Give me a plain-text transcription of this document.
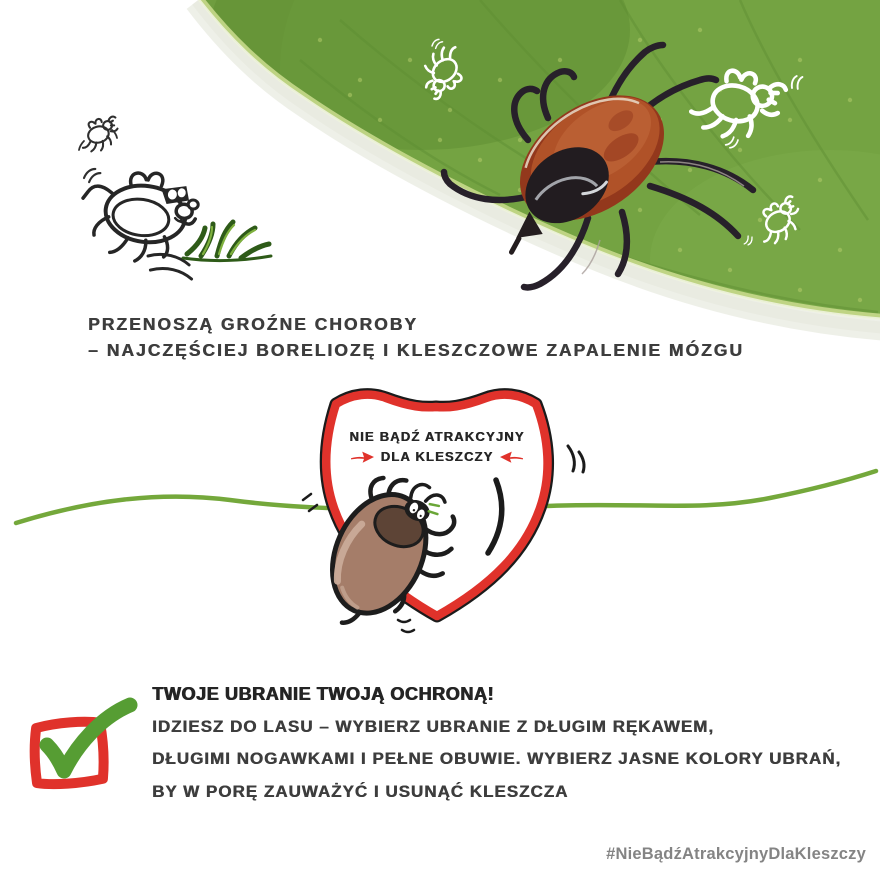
PRZENOSZĄ GROŹNE CHOROBY
– NAJCZĘŚCIEJ BORELIOZĘ I KLESZCZOWE ZAPALENIE MÓZGU
NIE BĄDŹ ATRAKCYJNY
DLA KLESZCZY
TWOJE UBRANIE TWOJĄ OCHRONĄ!
IDZIESZ DO LASU – WYBIERZ UBRANIE Z DŁUGIM RĘKAWEM,
DŁUGIMI NOGAWKAMI I PEŁNE OBUWIE. WYBIERZ JASNE KOLORY UBRAŃ,
BY W PORĘ ZAUWAŻYĆ I USUNĄĆ KLESZCZA
#NieBądźAtrakcyjnyDlaKleszczy
